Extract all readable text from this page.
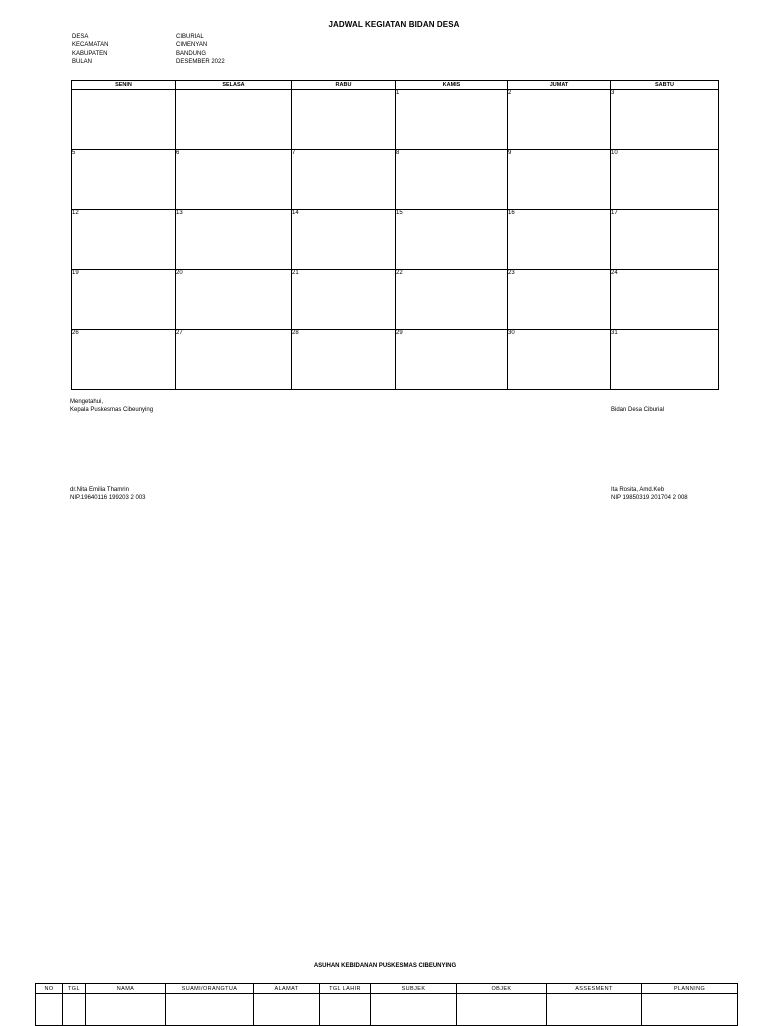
JADWAL KEGIATAN BIDAN DESA
DESA	CIBURIAL
KECAMATAN	CIMENYAN
KABUPATEN	BANDUNG
BULAN	DESEMBER 2022
SENIN	SELASA	RABU	KAMIS	JUMAT	SABTU
			1	2	3
5	6	7	8	9	10
12	13	14	15	16	17
19	20	21	22	23	24
26	27	28	29	30	31
Mengetahui,
Kepala Puskesmas Cibeunying	Bidan Desa Ciburial
dr.Nita Emilia Thamrin
NIP.19640116 199203 2 003
Ita Rosita, Amd.Keb
NIP 19850319 201704 2 008
ASUHAN KEBIDANAN PUSKESMAS CIBEUNYING
NO	TGL	NAMA	SUAMI/ORANGTUA	ALAMAT	TGL LAHIR	SUBJEK	OBJEK	ASSESMENT	PLANNING
